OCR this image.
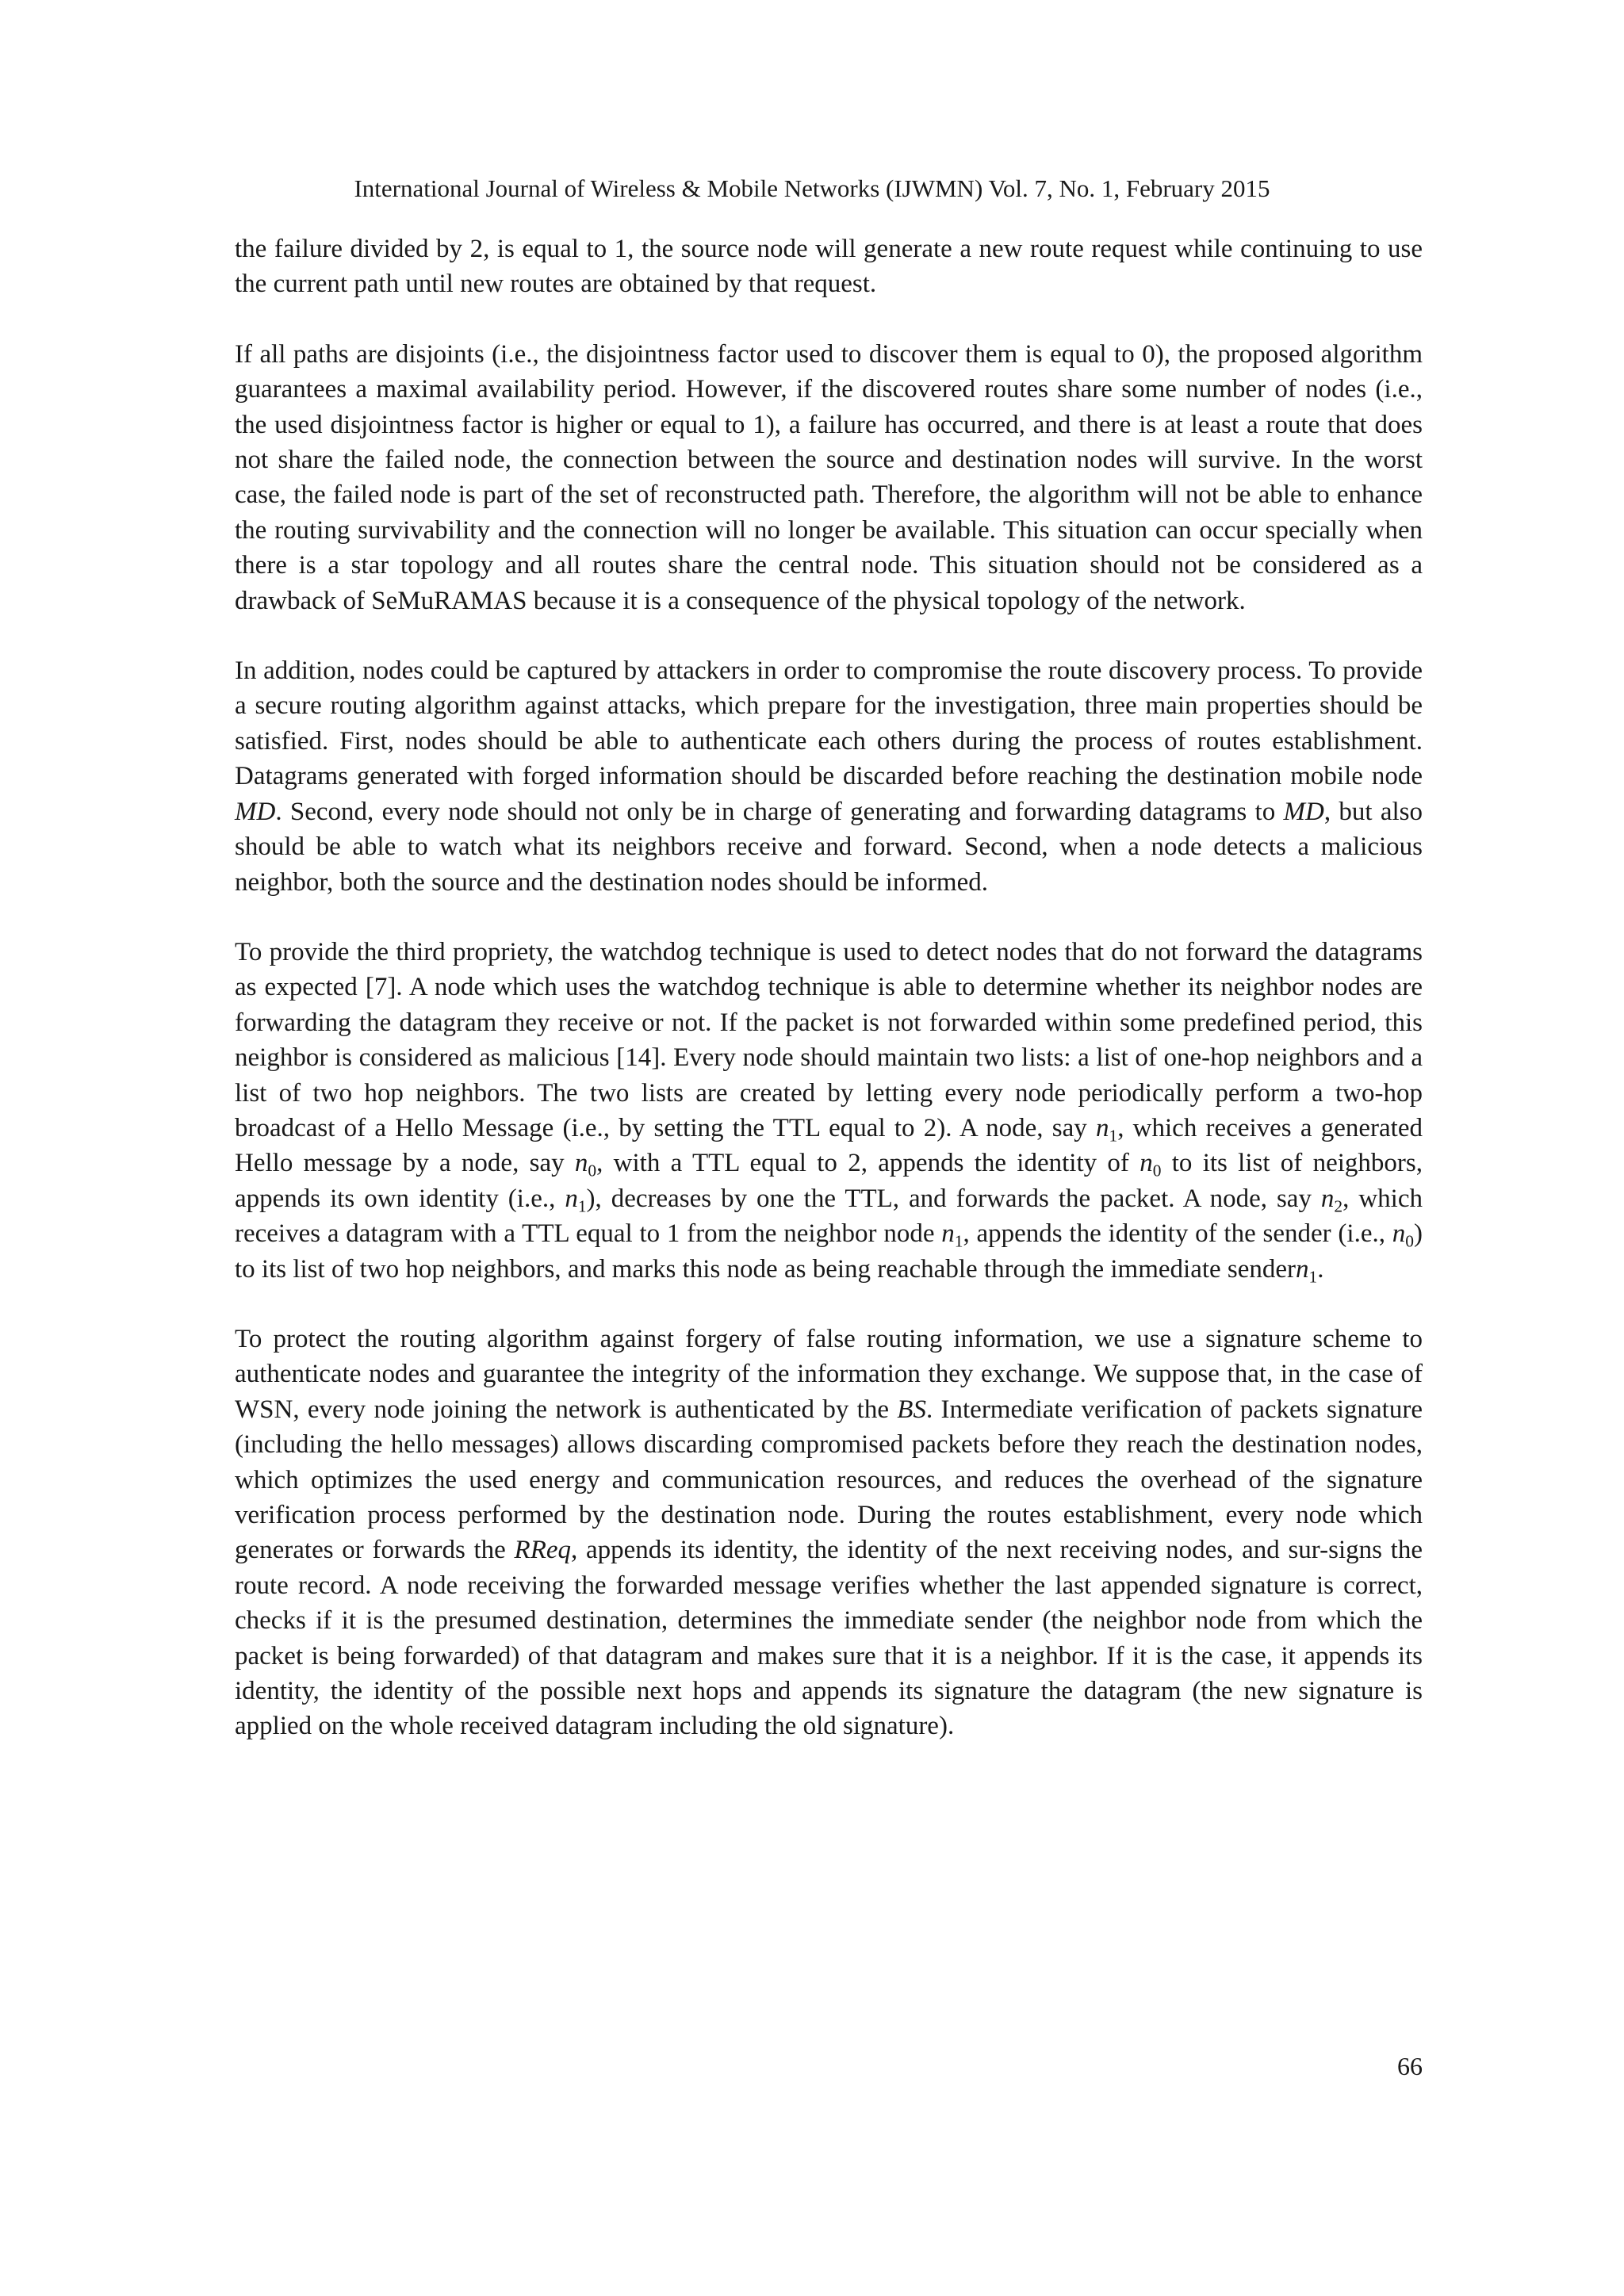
International Journal of Wireless & Mobile Networks (IJWMN) Vol. 7, No. 1, February 2015

the failure divided by 2, is equal to 1, the source node will generate a new route request while continuing to use the current path until new routes are obtained by that request.

If all paths are disjoints (i.e., the disjointness factor used to discover them is equal to 0), the proposed algorithm guarantees a maximal availability period. However, if the discovered routes share some number of nodes (i.e., the used disjointness factor is higher or equal to 1), a failure has occurred, and there is at least a route that does not share the failed node, the connection between the source and destination nodes will survive. In the worst case, the failed node is part of the set of reconstructed path. Therefore, the algorithm will not be able to enhance the routing survivability and the connection will no longer be available. This situation can occur specially when there is a star topology and all routes share the central node. This situation should not be considered as a drawback of SeMuRAMAS because it is a consequence of the physical topology of the network.

In addition, nodes could be captured by attackers in order to compromise the route discovery process. To provide a secure routing algorithm against attacks, which prepare for the investigation, three main properties should be satisfied. First, nodes should be able to authenticate each others during the process of routes establishment. Datagrams generated with forged information should be discarded before reaching the destination mobile node MD. Second, every node should not only be in charge of generating and forwarding datagrams to MD, but also should be able to watch what its neighbors receive and forward. Second, when a node detects a malicious neighbor, both the source and the destination nodes should be informed.

To provide the third propriety, the watchdog technique is used to detect nodes that do not forward the datagrams as expected [7]. A node which uses the watchdog technique is able to determine whether its neighbor nodes are forwarding the datagram they receive or not. If the packet is not forwarded within some predefined period, this neighbor is considered as malicious [14]. Every node should maintain two lists: a list of one-hop neighbors and a list of two hop neighbors. The two lists are created by letting every node periodically perform a two-hop broadcast of a Hello Message (i.e., by setting the TTL equal to 2). A node, say $n_1$, which receives a generated Hello message by a node, say $n_0$, with a TTL equal to 2, appends the identity of $n_0$ to its list of neighbors, appends its own identity (i.e., $n_1$), decreases by one the TTL, and forwards the packet. A node, say $n_2$, which receives a datagram with a TTL equal to 1 from the neighbor node $n_1$, appends the identity of the sender (i.e., $n_0$) to its list of two hop neighbors, and marks this node as being reachable through the immediate sendern$_1$.

To protect the routing algorithm against forgery of false routing information, we use a signature scheme to authenticate nodes and guarantee the integrity of the information they exchange. We suppose that, in the case of WSN, every node joining the network is authenticated by the BS. Intermediate verification of packets signature (including the hello messages) allows discarding compromised packets before they reach the destination nodes, which optimizes the used energy and communication resources, and reduces the overhead of the signature verification process performed by the destination node. During the routes establishment, every node which generates or forwards the RReq, appends its identity, the identity of the next receiving nodes, and sur-signs the route record. A node receiving the forwarded message verifies whether the last appended signature is correct, checks if it is the presumed destination, determines the immediate sender (the neighbor node from which the packet is being forwarded) of that datagram and makes sure that it is a neighbor. If it is the case, it appends its identity, the identity of the possible next hops and appends its signature the datagram (the new signature is applied on the whole received datagram including the old signature).

66
